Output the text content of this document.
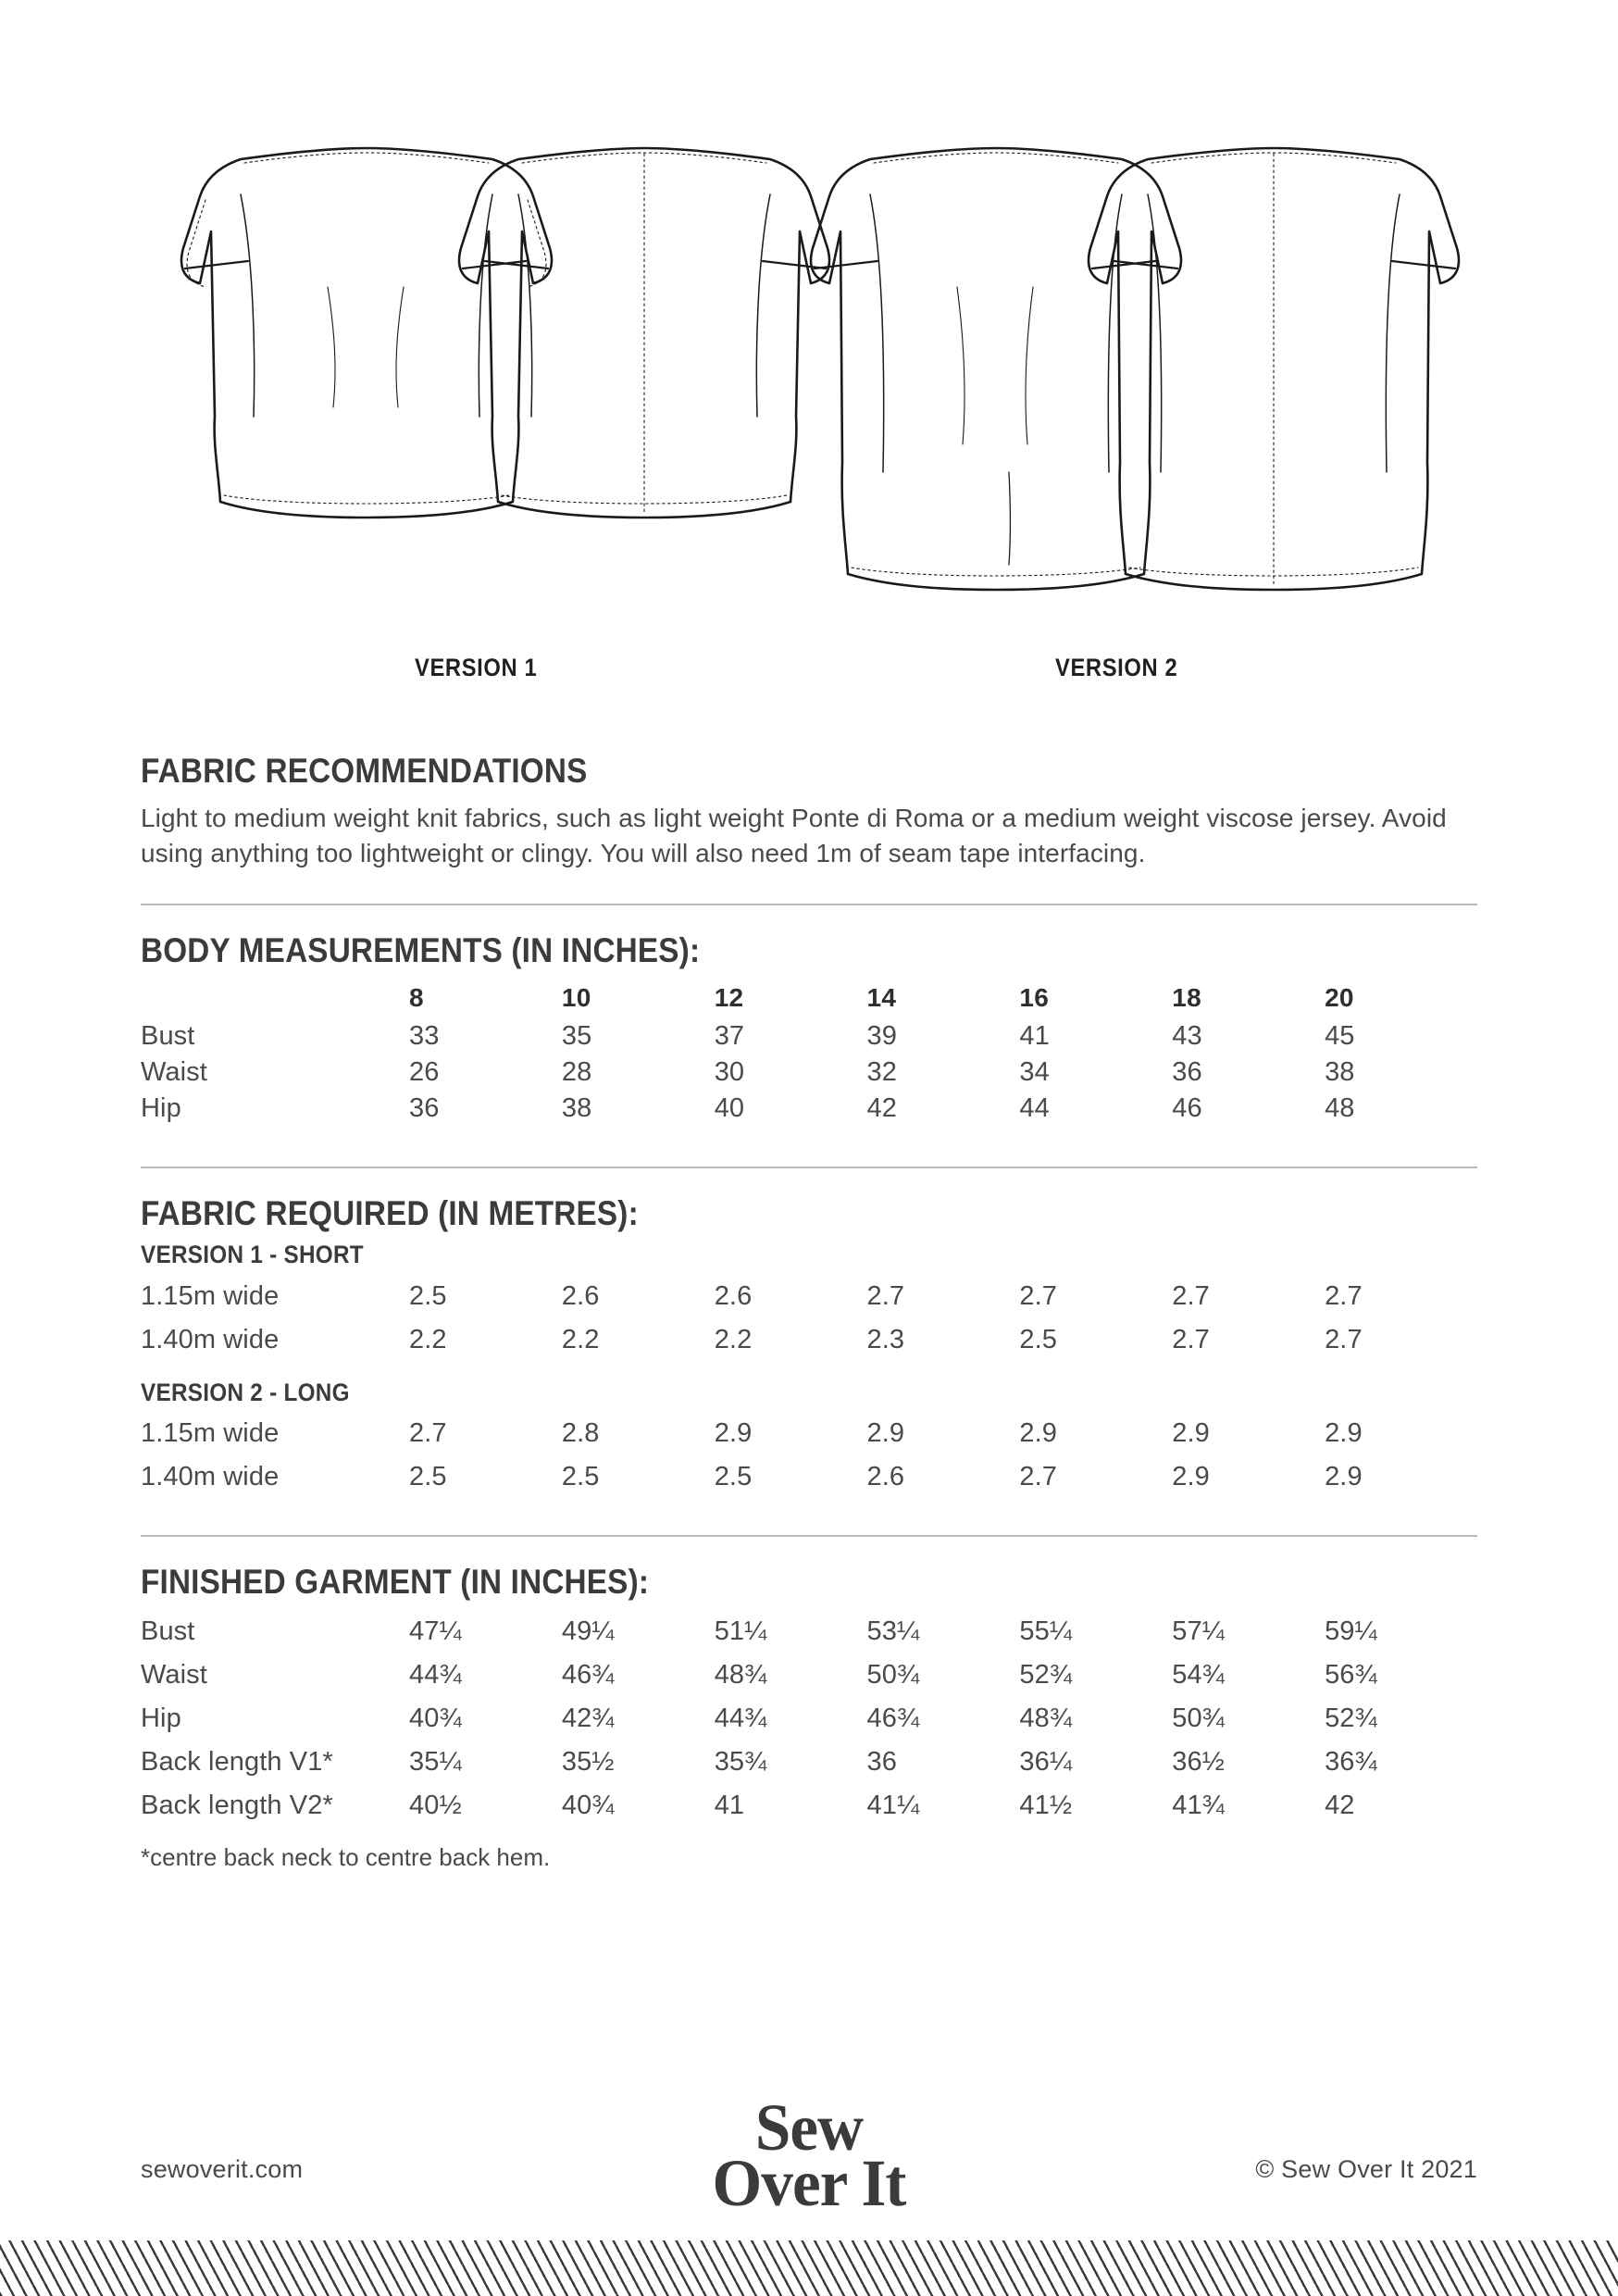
VERSION 1	VERSION 2
FABRIC RECOMMENDATIONS

Light to medium weight knit fabrics, such as light weight Ponte di Roma or a medium weight viscose jersey. Avoid using anything too lightweight or clingy. You will also need 1m of seam tape interfacing.

BODY MEASUREMENTS (IN INCHES):
	8	10	12	14	16	18	20
Bust	33	35	37	39	41	43	45
Waist	26	28	30	32	34	36	38
Hip	36	38	40	42	44	46	48
FABRIC REQUIRED (IN METRES):
VERSION 1 - SHORT
1.15m wide	2.5	2.6	2.6	2.7	2.7	2.7	2.7
1.40m wide	2.2	2.2	2.2	2.3	2.5	2.7	2.7
VERSION 2 - LONG
1.15m wide	2.7	2.8	2.9	2.9	2.9	2.9	2.9
1.40m wide	2.5	2.5	2.5	2.6	2.7	2.9	2.9
FINISHED GARMENT (IN INCHES):
Bust	47¼	49¼	51¼	53¼	55¼	57¼	59¼
Waist	44¾	46¾	48¾	50¾	52¾	54¾	56¾
Hip	40¾	42¾	44¾	46¾	48¾	50¾	52¾
Back length V1*	35¼	35½	35¾	36	36¼	36½	36¾
Back length V2*	40½	40¾	41	41¼	41½	41¾	42
*centre back neck to centre back hem.
sewoverit.com
Sew
Over It	© Sew Over It 2021
